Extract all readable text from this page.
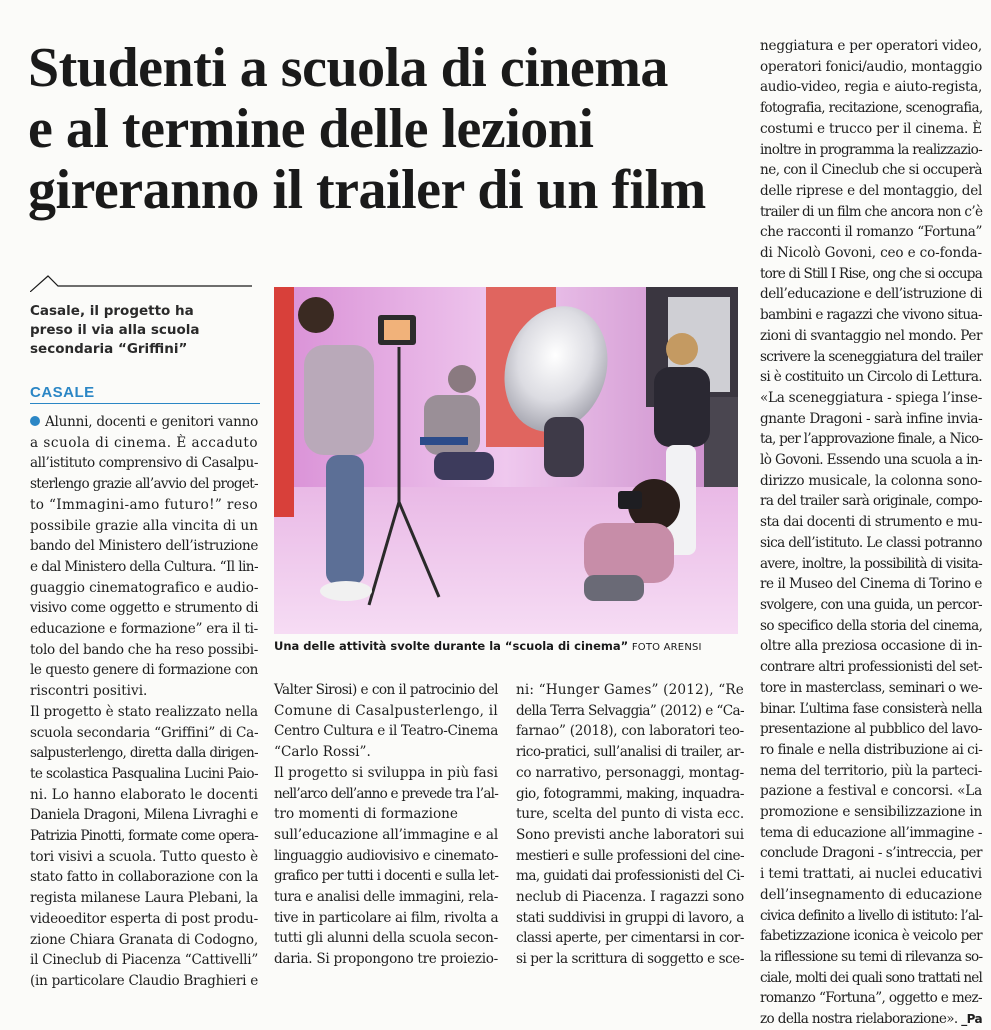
Studenti a scuola di cinema
e al termine delle lezioni
gireranno il trailer di un film
Casale, il progetto ha
preso il via alla scuola
secondaria “Griffini”
CASALE
Una delle attività svolte durante la “scuola di cinema” FOTO ARENSI
Alunni, docenti e genitori vanno
a scuola di cinema. È accaduto
all’istituto comprensivo di Casalpu-
sterlengo grazie all’avvio del proget-
to “Immagini-amo futuro!” reso
possibile grazie alla vincita di un
bando del Ministero dell’istruzione
e dal Ministero della Cultura. “Il lin-
guaggio cinematografico e audio-
visivo come oggetto e strumento di
educazione e formazione” era il ti-
tolo del bando che ha reso possibi-
le questo genere di formazione con
riscontri positivi.
Il progetto è stato realizzato nella
scuola secondaria “Griffini” di Ca-
salpusterlengo, diretta dalla dirigen-
te scolastica Pasqualina Lucini Paio-
ni. Lo hanno elaborato le docenti
Daniela Dragoni, Milena Livraghi e
Patrizia Pinotti, formate come opera-
tori visivi a scuola. Tutto questo è
stato fatto in collaborazione con la
regista milanese Laura Plebani, la
videoeditor esperta di post produ-
zione Chiara Granata di Codogno,
il Cineclub di Piacenza “Cattivelli”
(in particolare Claudio Braghieri e
Valter Sirosi) e con il patrocinio del
Comune di Casalpusterlengo, il
Centro Cultura e il Teatro-Cinema
“Carlo Rossi”.
Il progetto si sviluppa in più fasi
nell’arco dell’anno e prevede tra l’al-
tro momenti di formazione
sull’educazione all’immagine e al
linguaggio audiovisivo e cinemato-
grafico per tutti i docenti e sulla let-
tura e analisi delle immagini, rela-
tive in particolare ai film, rivolta a
tutti gli alunni della scuola secon-
daria. Si propongono tre proiezio-
ni: “Hunger Games” (2012), “Re
della Terra Selvaggia” (2012) e “Ca-
farnao” (2018), con laboratori teo-
rico-pratici, sull’analisi di trailer, ar-
co narrativo, personaggi, montag-
gio, fotogrammi, making, inquadra-
ture, scelta del punto di vista ecc.
Sono previsti anche laboratori sui
mestieri e sulle professioni del cine-
ma, guidati dai professionisti del Ci-
neclub di Piacenza. I ragazzi sono
stati suddivisi in gruppi di lavoro, a
classi aperte, per cimentarsi in cor-
si per la scrittura di soggetto e sce-
neggiatura e per operatori video,
operatori fonici/audio, montaggio
audio-video, regia e aiuto-regista,
fotografia, recitazione, scenografia,
costumi e trucco per il cinema. È
inoltre in programma la realizzazio-
ne, con il Cineclub che si occuperà
delle riprese e del montaggio, del
trailer di un film che ancora non c’è
che racconti il romanzo “Fortuna”
di Nicolò Govoni, ceo e co-fonda-
tore di Still I Rise, ong che si occupa
dell’educazione e dell’istruzione di
bambini e ragazzi che vivono situa-
zioni di svantaggio nel mondo. Per
scrivere la sceneggiatura del trailer
si è costituito un Circolo di Lettura.
«La sceneggiatura - spiega l’inse-
gnante Dragoni - sarà infine invia-
ta, per l’approvazione finale, a Nico-
lò Govoni. Essendo una scuola a in-
dirizzo musicale, la colonna sono-
ra del trailer sarà originale, compo-
sta dai docenti di strumento e mu-
sica dell’istituto. Le classi potranno
avere, inoltre, la possibilità di visita-
re il Museo del Cinema di Torino e
svolgere, con una guida, un percor-
so specifico della storia del cinema,
oltre alla preziosa occasione di in-
contrare altri professionisti del set-
tore in masterclass, seminari o we-
binar. L’ultima fase consisterà nella
presentazione al pubblico del lavo-
ro finale e nella distribuzione ai ci-
nema del territorio, più la parteci-
pazione a festival e concorsi. «La
promozione e sensibilizzazione in
tema di educazione all’immagine -
conclude Dragoni - s’intreccia, per
i temi trattati, ai nuclei educativi
dell’insegnamento di educazione
civica definito a livello di istituto: l’al-
fabetizzazione iconica è veicolo per
la riflessione su temi di rilevanza so-
ciale, molti dei quali sono trattati nel
romanzo “Fortuna”, oggetto e mez-
zo della nostra rielaborazione». _Pa
